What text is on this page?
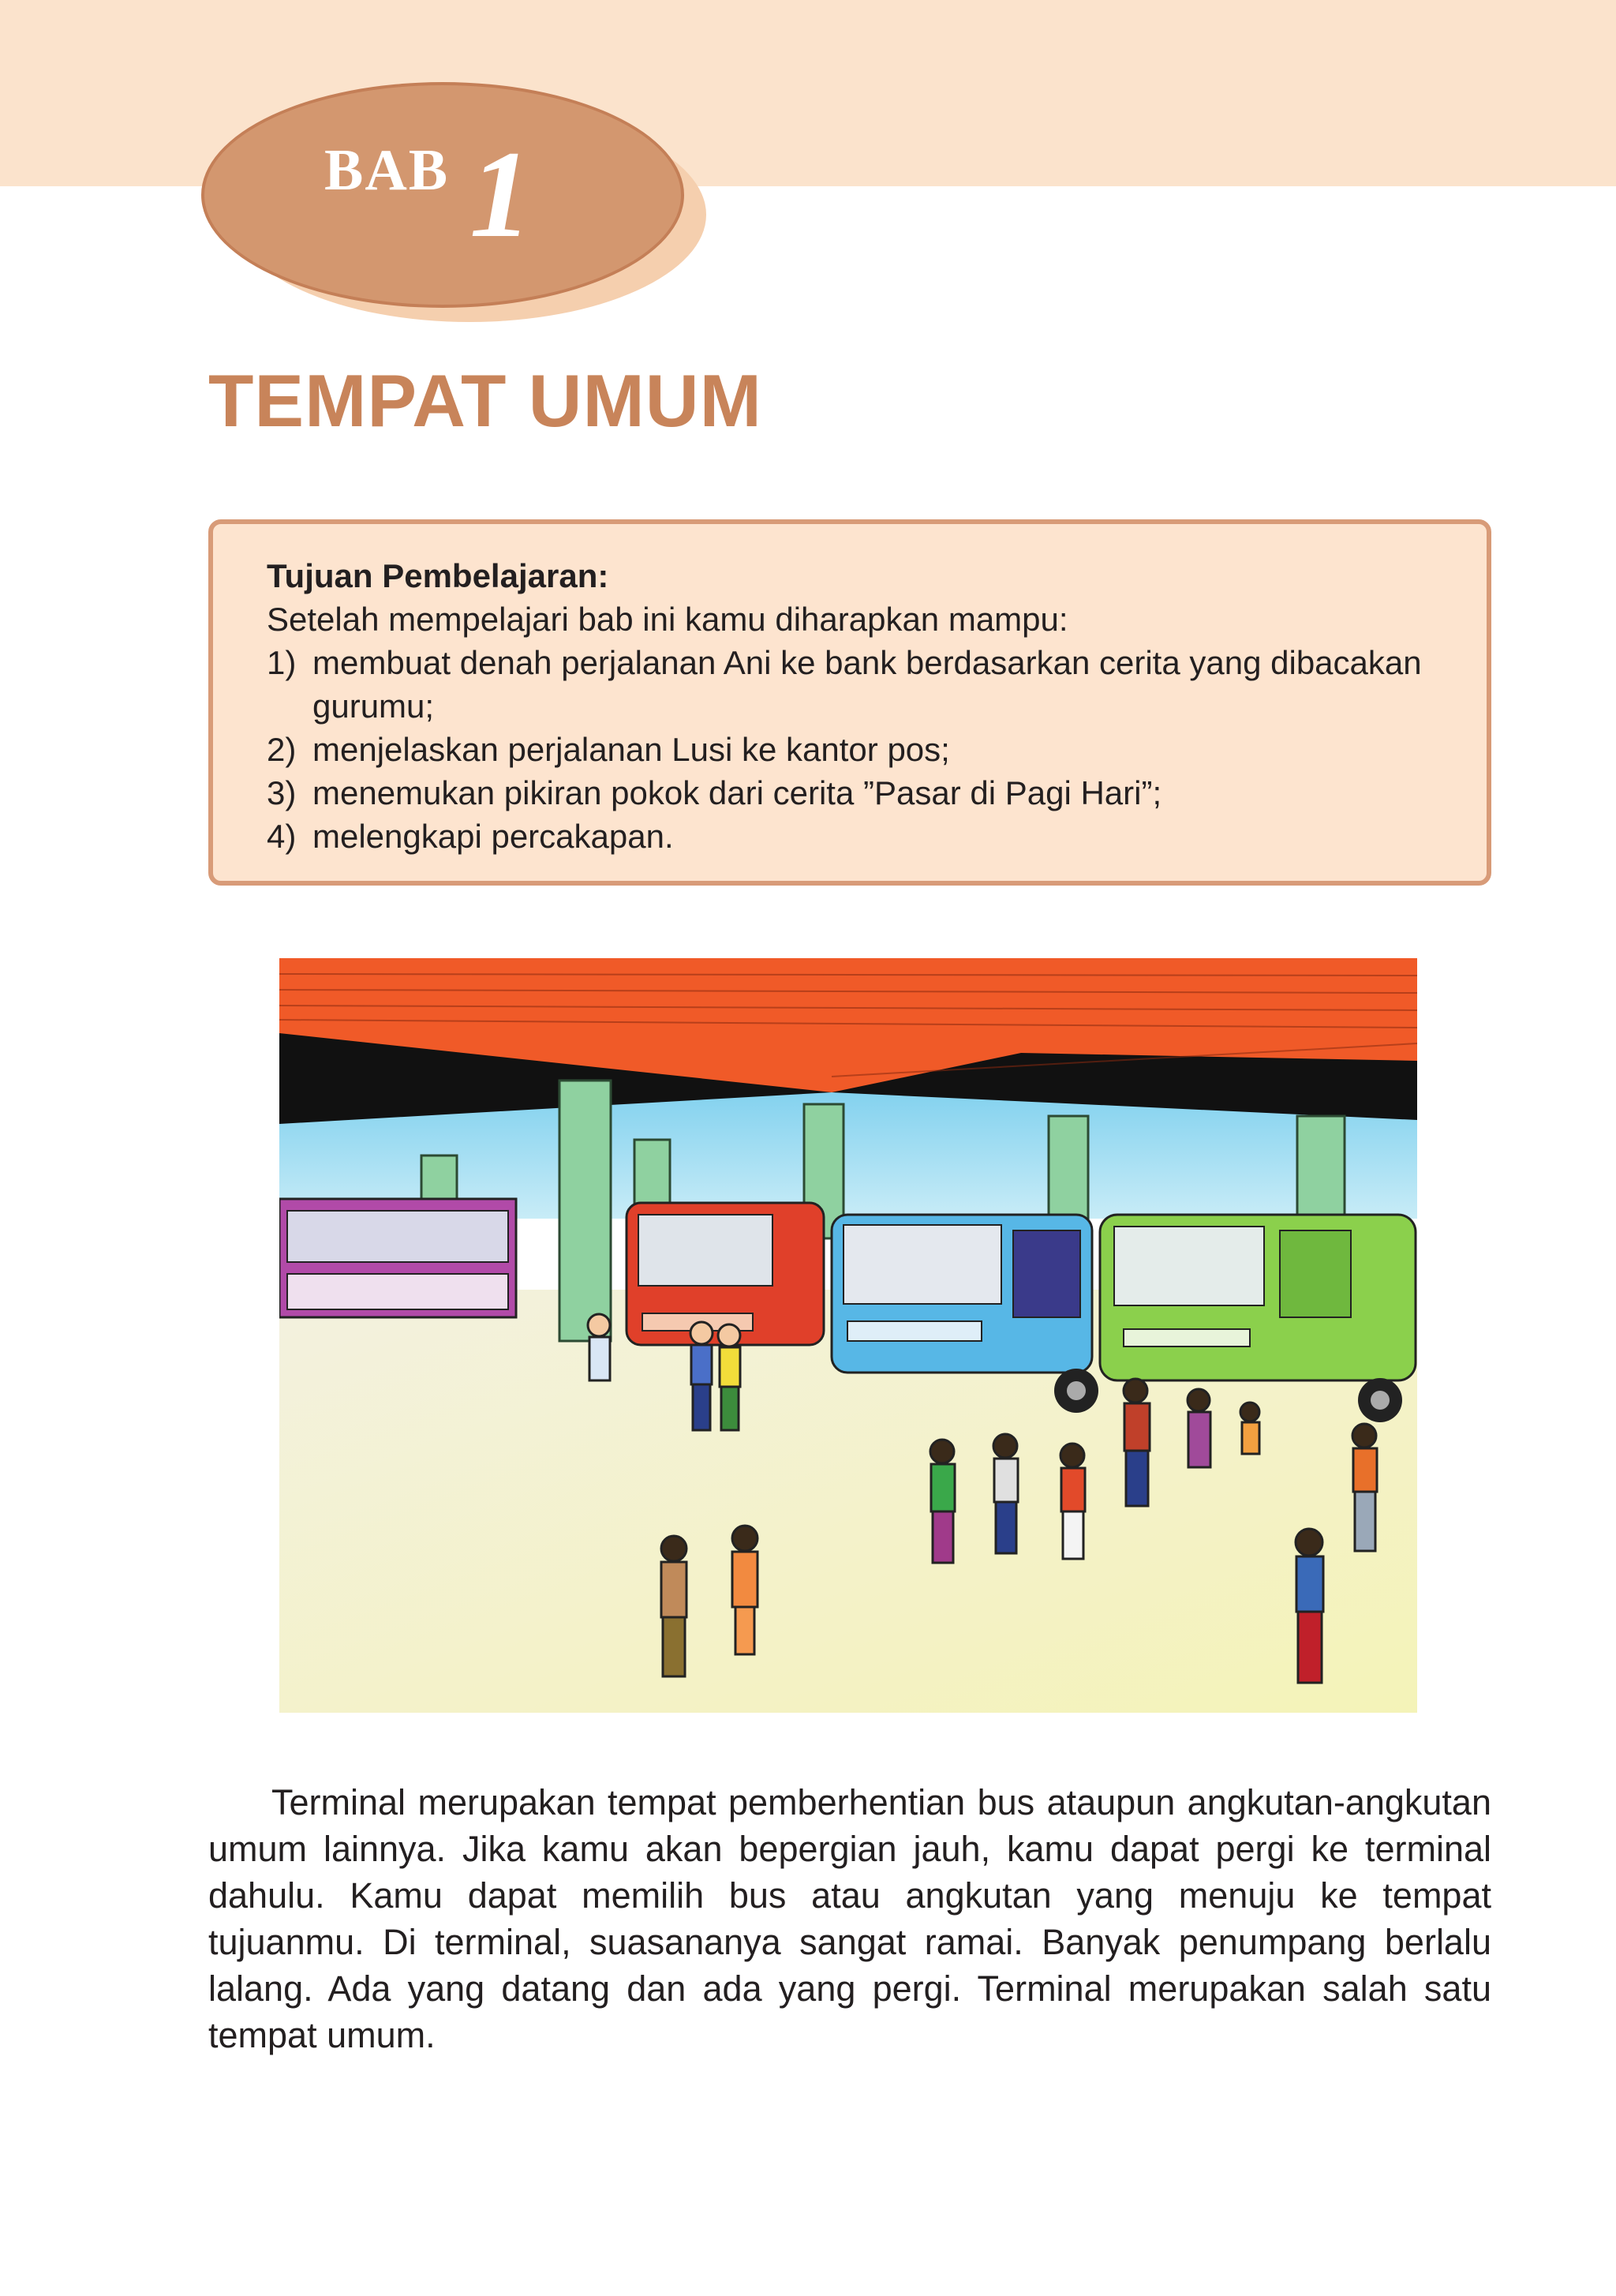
BAB 1
TEMPAT UMUM

Tujuan Pembelajaran:

Setelah mempelajari bab ini kamu diharapkan mampu:

1) membuat denah perjalanan Ani ke bank berdasarkan cerita yang dibacakan gurumu;
2) menjelaskan perjalanan Lusi ke kantor pos;
3) menemukan pikiran pokok dari cerita ”Pasar di Pagi Hari”;
4) melengkapi percakapan.

Terminal merupakan tempat pemberhentian bus ataupun angkutan-angkutan umum lainnya. Jika kamu akan bepergian jauh, kamu dapat pergi ke terminal dahulu. Kamu dapat memilih bus atau angkutan yang menuju ke tempat tujuanmu. Di terminal, suasananya sangat ramai. Banyak penumpang berlalu lalang. Ada yang datang dan ada yang pergi. Terminal merupakan salah satu tempat umum.
